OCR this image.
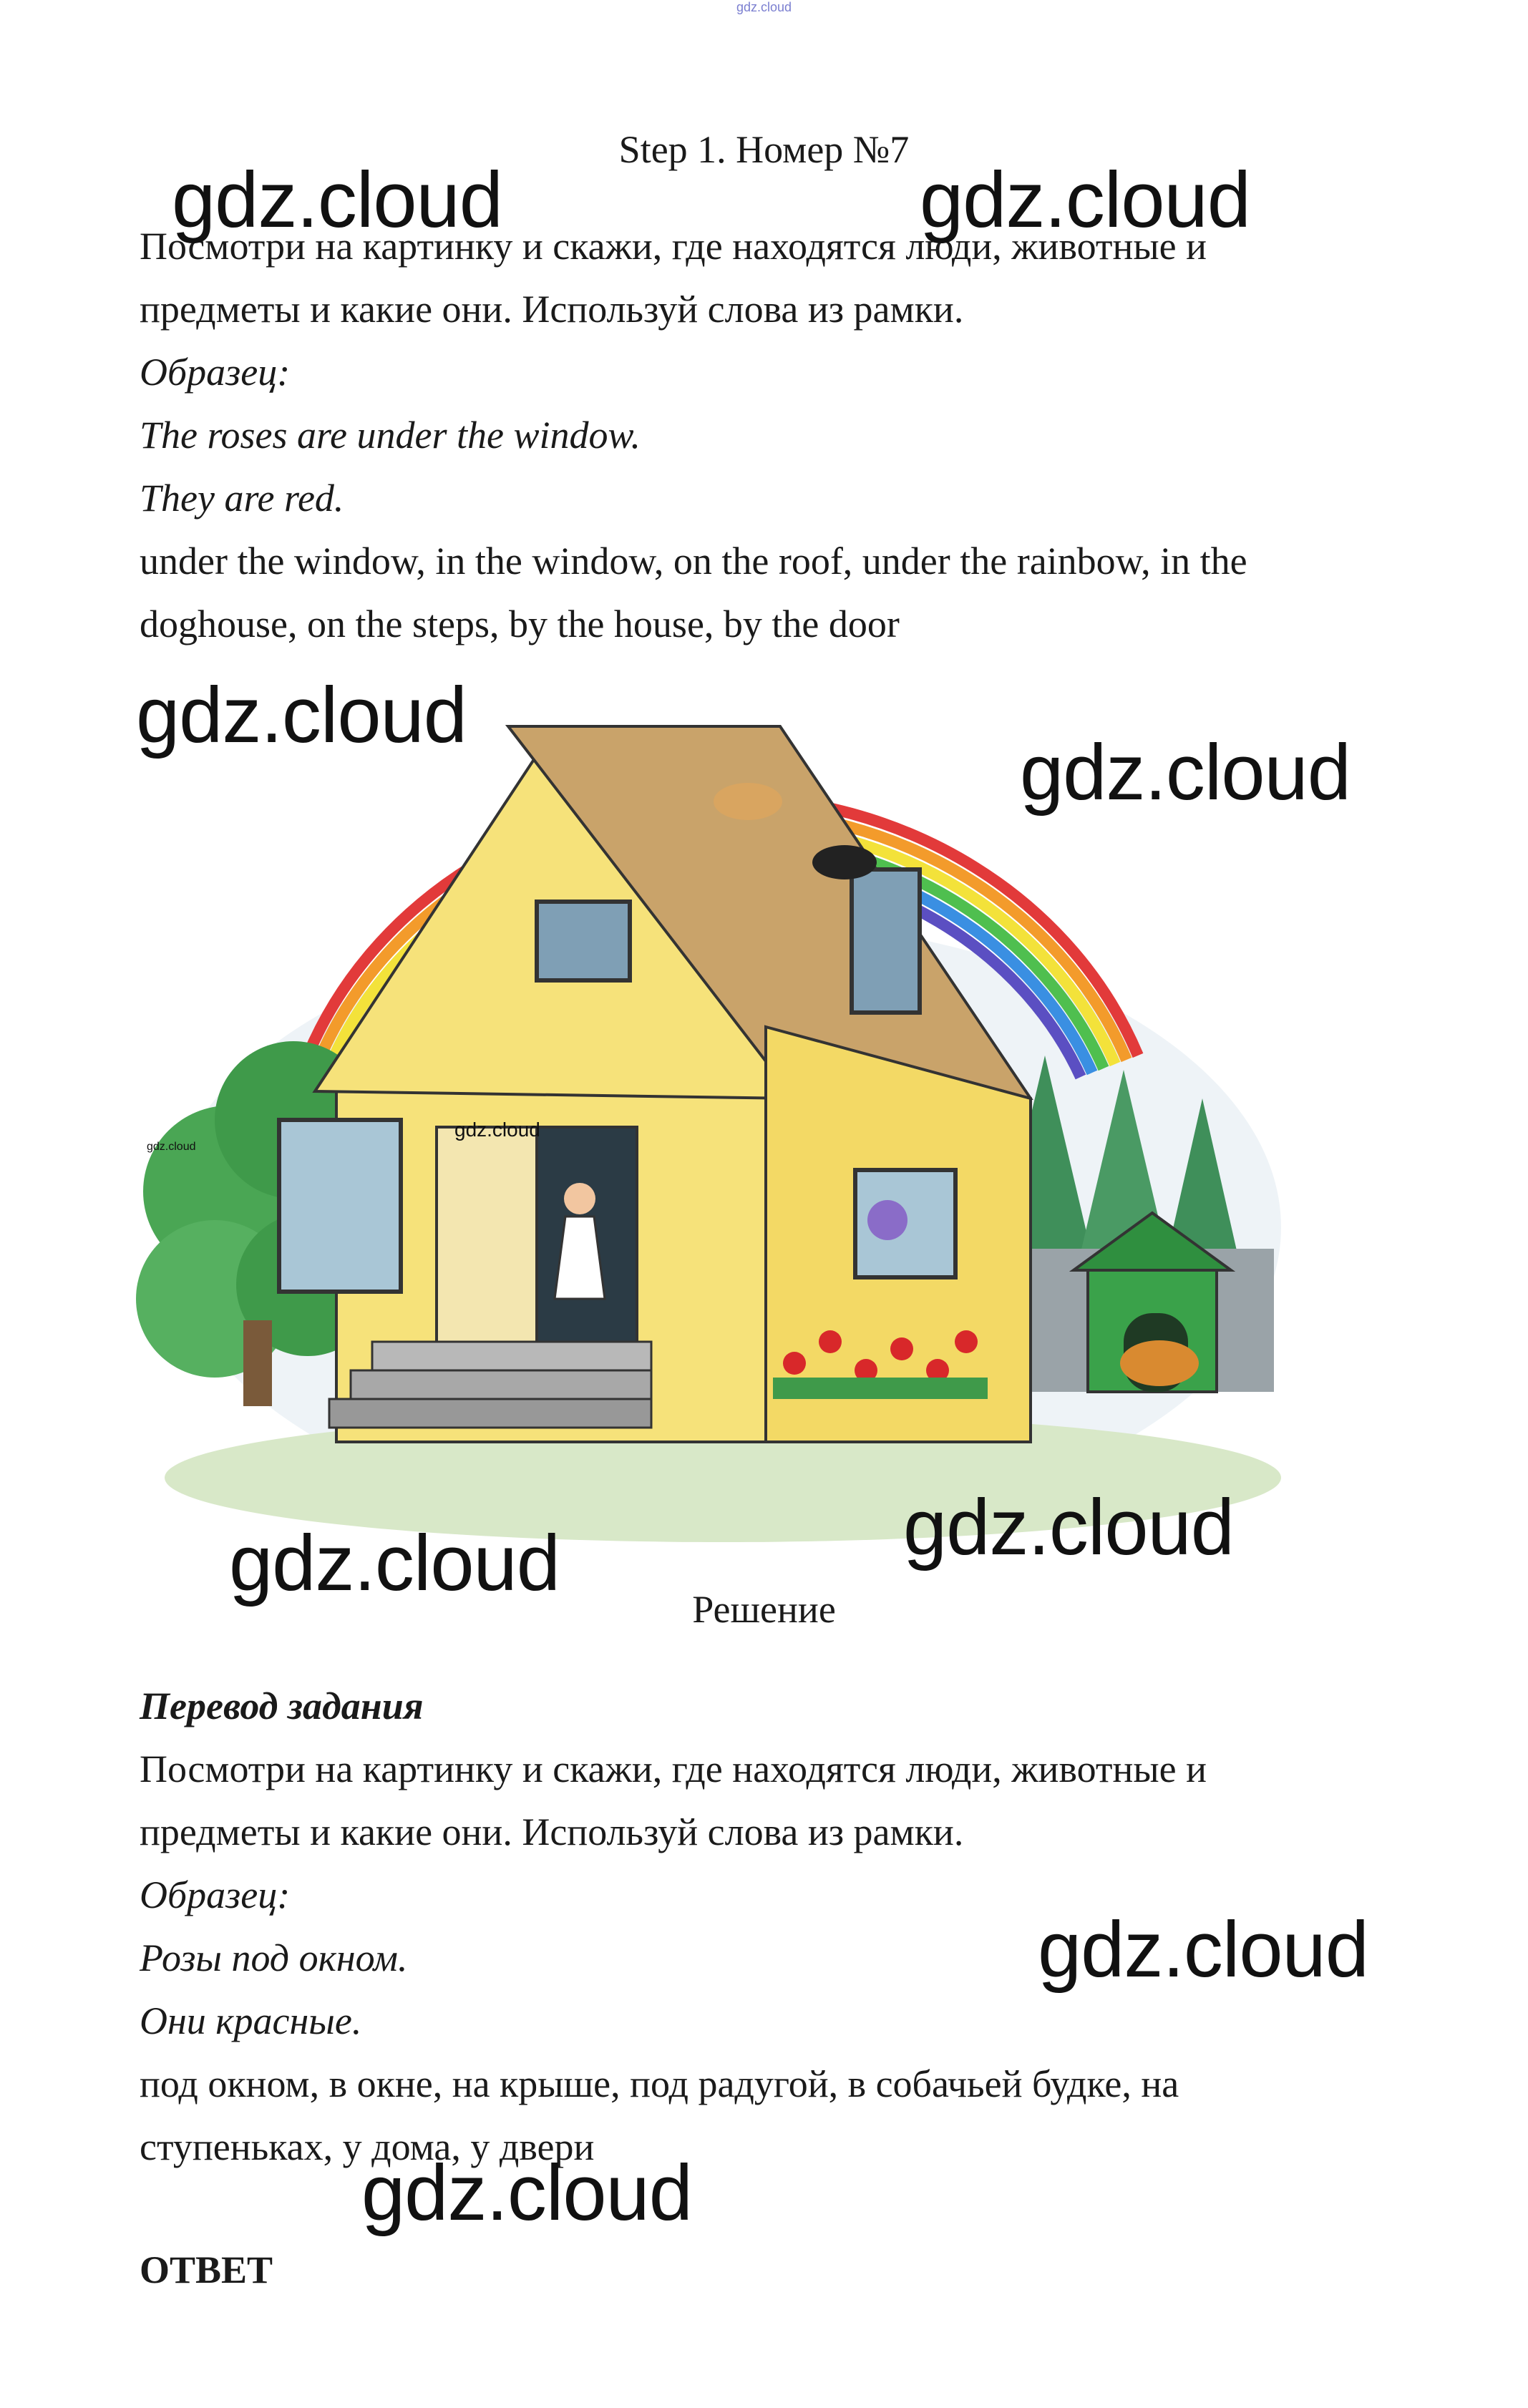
gdz.cloud
Step 1. Номер №7
Посмотри на картинку и скажи, где находятся люди, животные и
предметы и какие они. Используй слова из рамки.
Образец:
The roses are under the window.
They are red.
under the window, in the window, on the roof, under the rainbow, in the
doghouse, on the steps, by the house, by the door
gdz.cloud	gdz.cloud
gdz.cloud
gdz.cloud
gdz.cloud
gdz.cloud
gdz.cloud	gdz.cloud
Решение
Перевод задания
Посмотри на картинку и скажи, где находятся люди, животные и
предметы и какие они. Используй слова из рамки.
Образец:
Розы под окном.
Они красные.
под окном, в окне, на крыше, под радугой, в собачьей будке, на
ступеньках, у дома, у двери
gdz.cloud
gdz.cloud
ОТВЕТ
